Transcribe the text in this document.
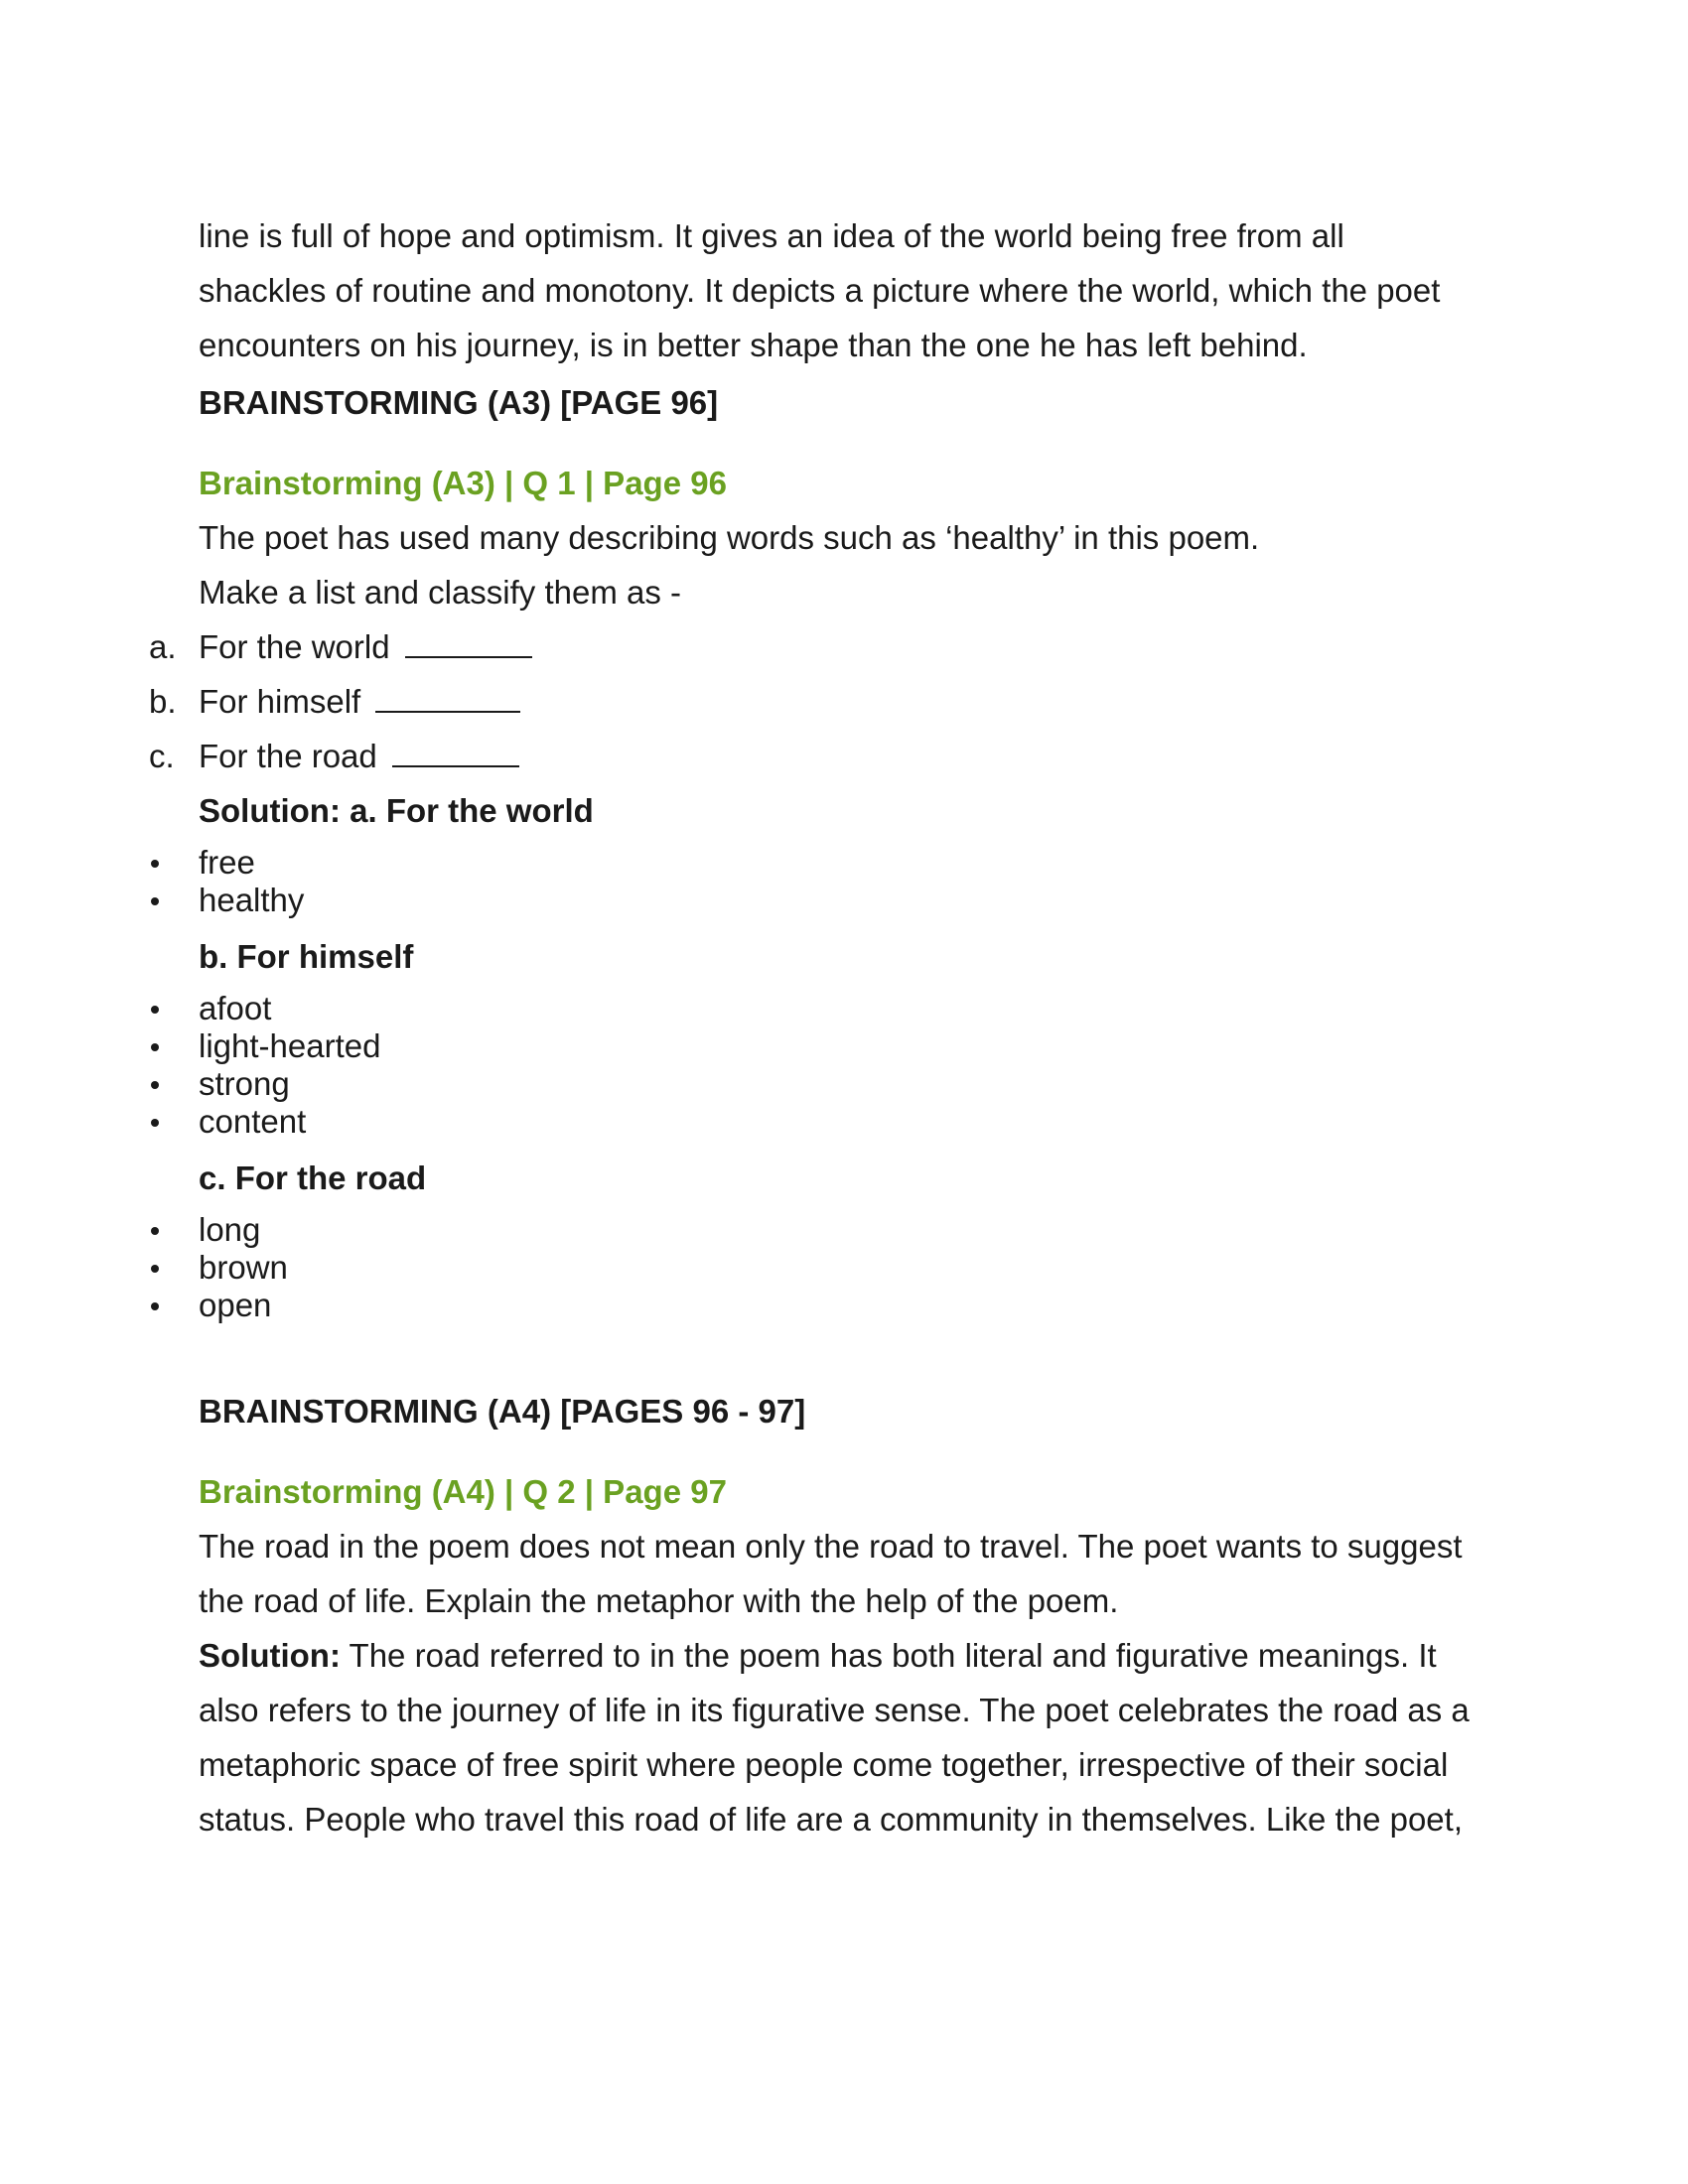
line is full of hope and optimism. It gives an idea of the world being free from all

shackles of routine and monotony. It depicts a picture where the world, which the poet

encounters on his journey, is in better shape than the one he has left behind.

BRAINSTORMING (A3) [PAGE 96]

Brainstorming (A3) | Q 1 | Page 96

The poet has used many describing words such as ‘healthy’ in this poem.

Make a list and classify them as -

a. For the world
b. For himself
c. For the road

Solution: a. For the world

free
healthy

b. For himself

afoot
light-hearted
strong
content

c. For the road

long
brown
open

BRAINSTORMING (A4) [PAGES 96 - 97]

Brainstorming (A4) | Q 2 | Page 97

The road in the poem does not mean only the road to travel. The poet wants to suggest

the road of life. Explain the metaphor with the help of the poem.

Solution: The road referred to in the poem has both literal and figurative meanings. It

also refers to the journey of life in its figurative sense. The poet celebrates the road as a

metaphoric space of free spirit where people come together, irrespective of their social

status. People who travel this road of life are a community in themselves. Like the poet,
